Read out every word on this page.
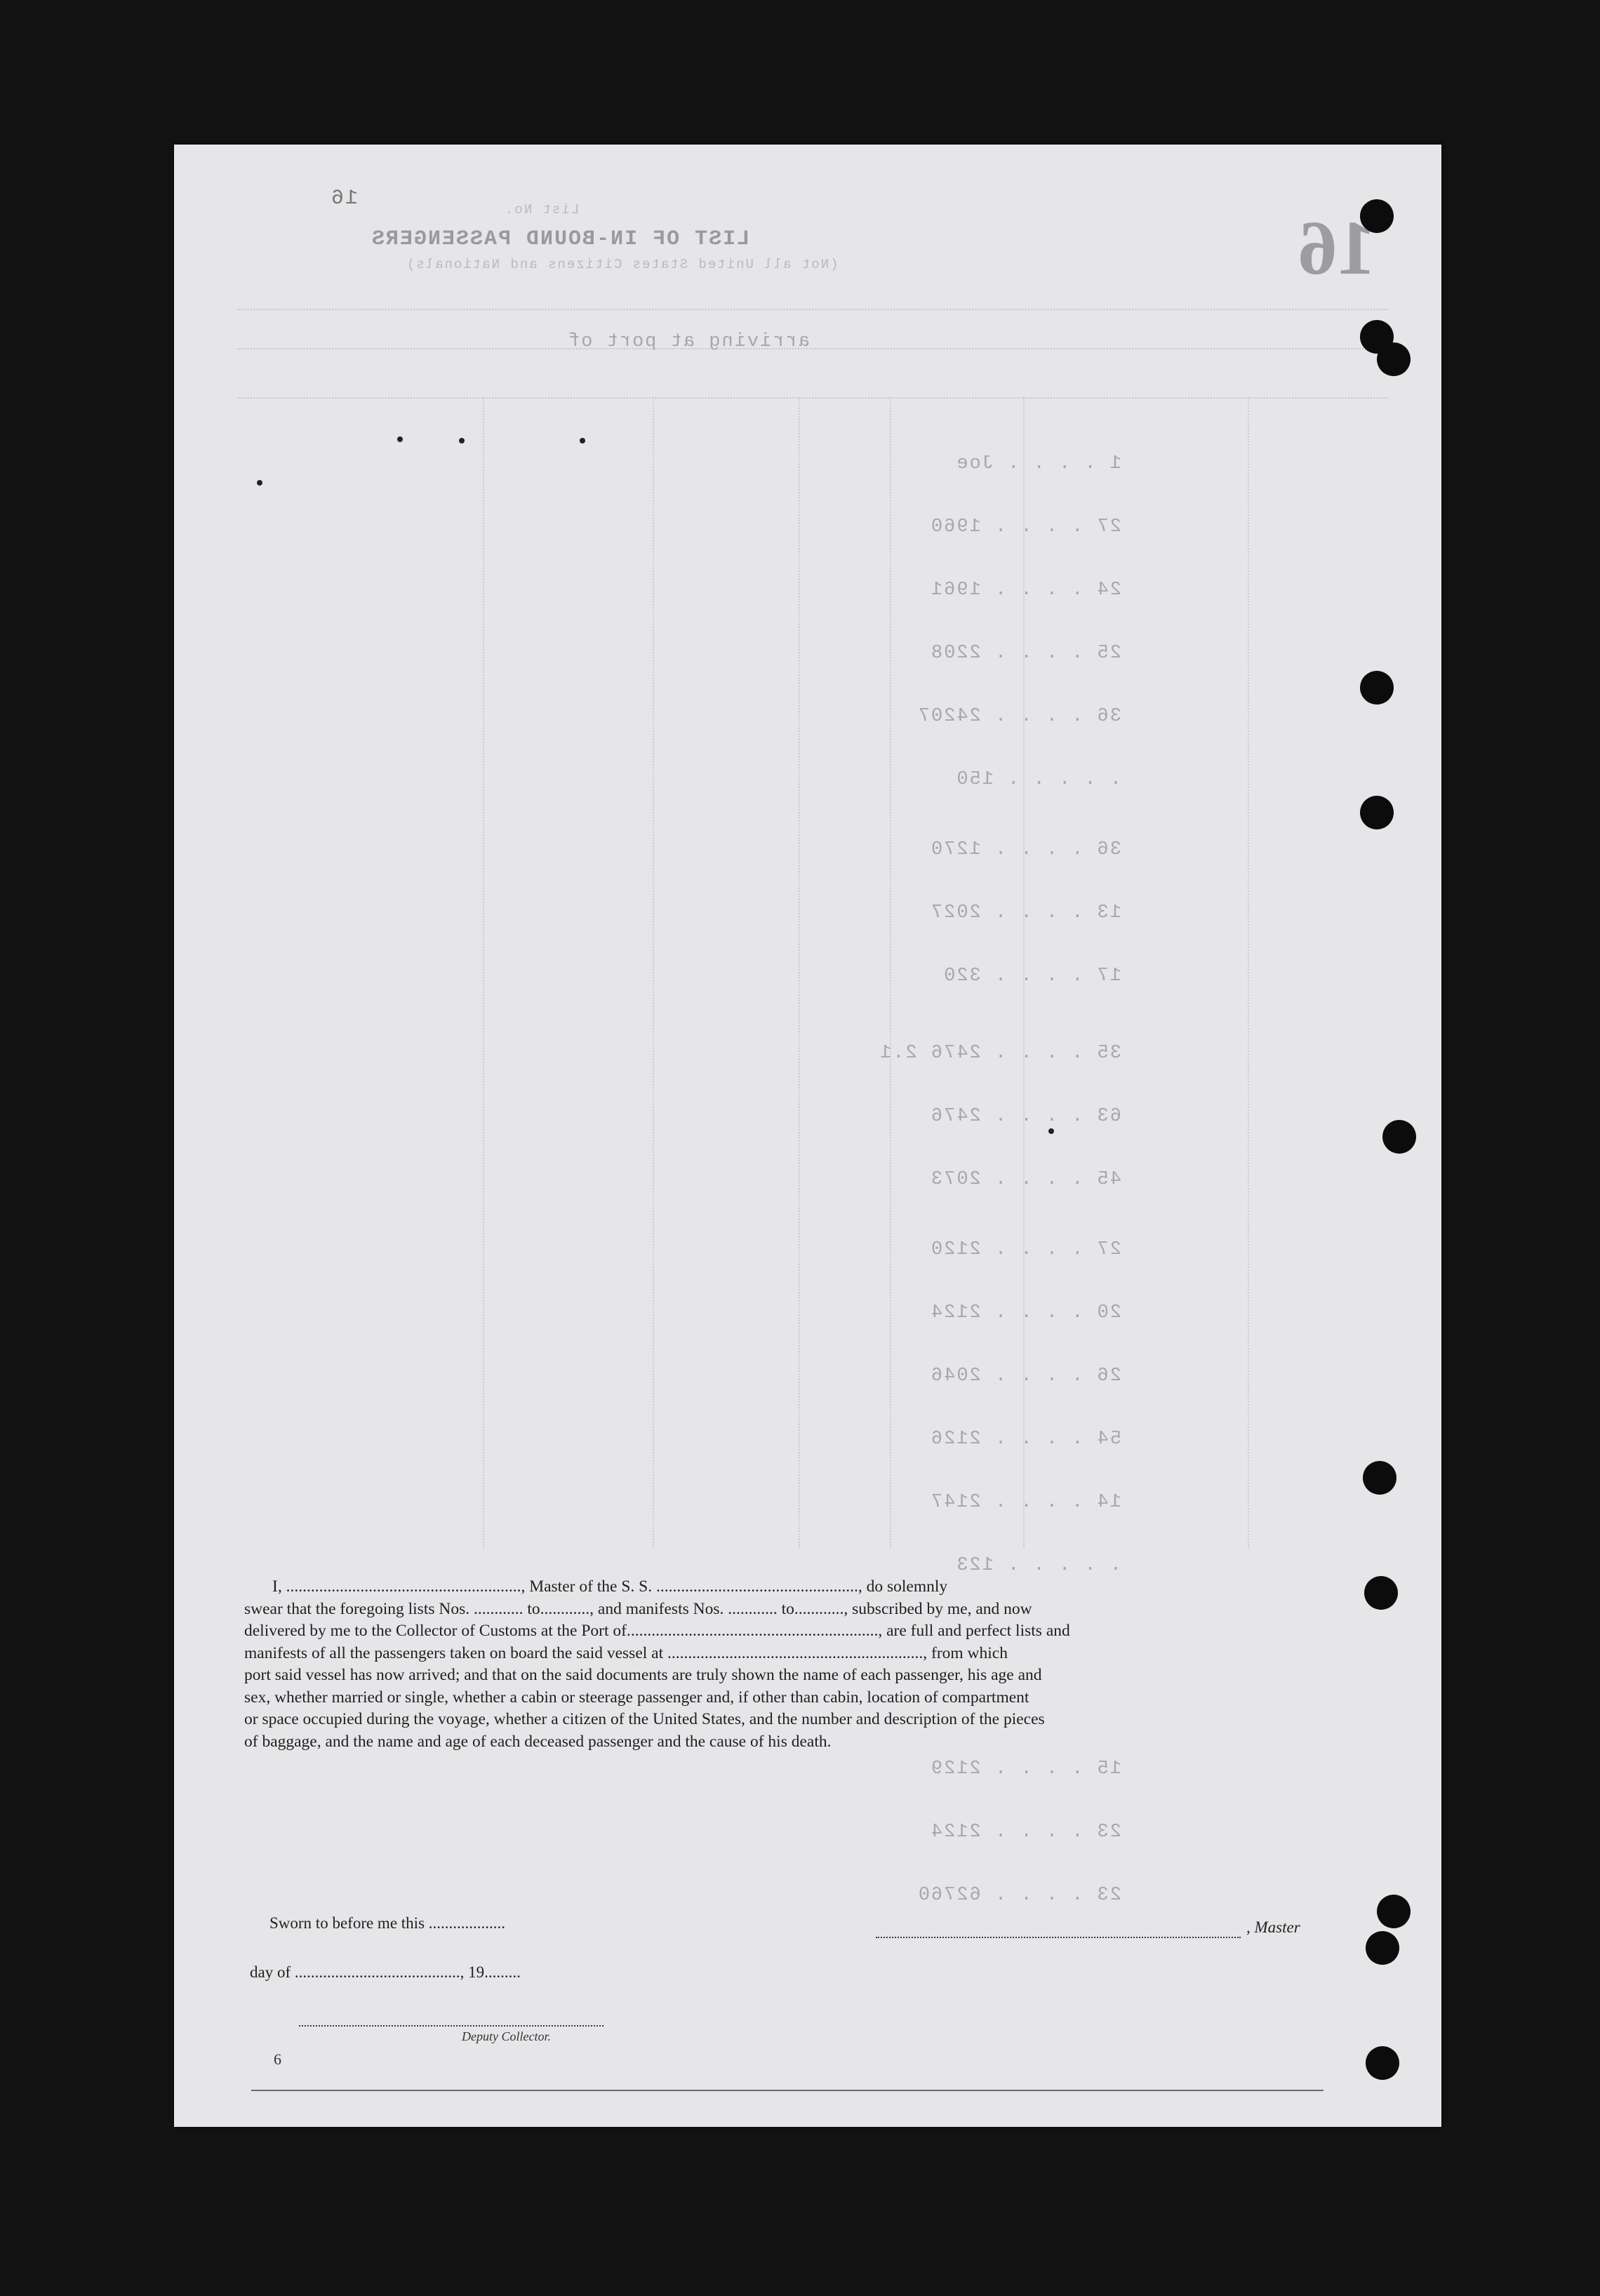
LIST OF IN-BOUND PASSENGERS
List No.
(Not all United States Citizens and Nationals)
arriving at port of
16
1 . . . . Joe
27 . . . . 1960
24 . . . . 1961
25 . . . . 2208
36 . . . . 24207
. . . . . 150
36 . . . . 1270
13 . . . . 2027
17 . . . . 320
35 . . . . 2476 2.1
63 . . . . 2476
45 . . . . 2073
27 . . . . 2120
20 . . . . 2124
26 . . . . 2046
54 . . . . 2126
14 . . . . 2147
. . . . . 123
15 . . . . 2129
23 . . . . 2124
23 . . . . 62760

I, ........................................................., Master of the S. S. ................................................., do solemnly

swear that the foregoing lists Nos. ............ to............, and manifests Nos. ............ to............, subscribed by me, and now

delivered by me to the Collector of Customs at the Port of............................................................., are full and perfect lists and

manifests of all the passengers taken on board the said vessel at .............................................................., from which

port said vessel has now arrived; and that on the said documents are truly shown the name of each passenger, his age and

sex, whether married or single, whether a cabin or steerage passenger and, if other than cabin, location of compartment

or space occupied during the voyage, whether a citizen of the United States, and the number and description of the pieces

of baggage, and the name and age of each deceased passenger and the cause of his death.

Sworn to before me this ...................	, Master
day of ........................................., 19.........
Deputy Collector.
6
16
